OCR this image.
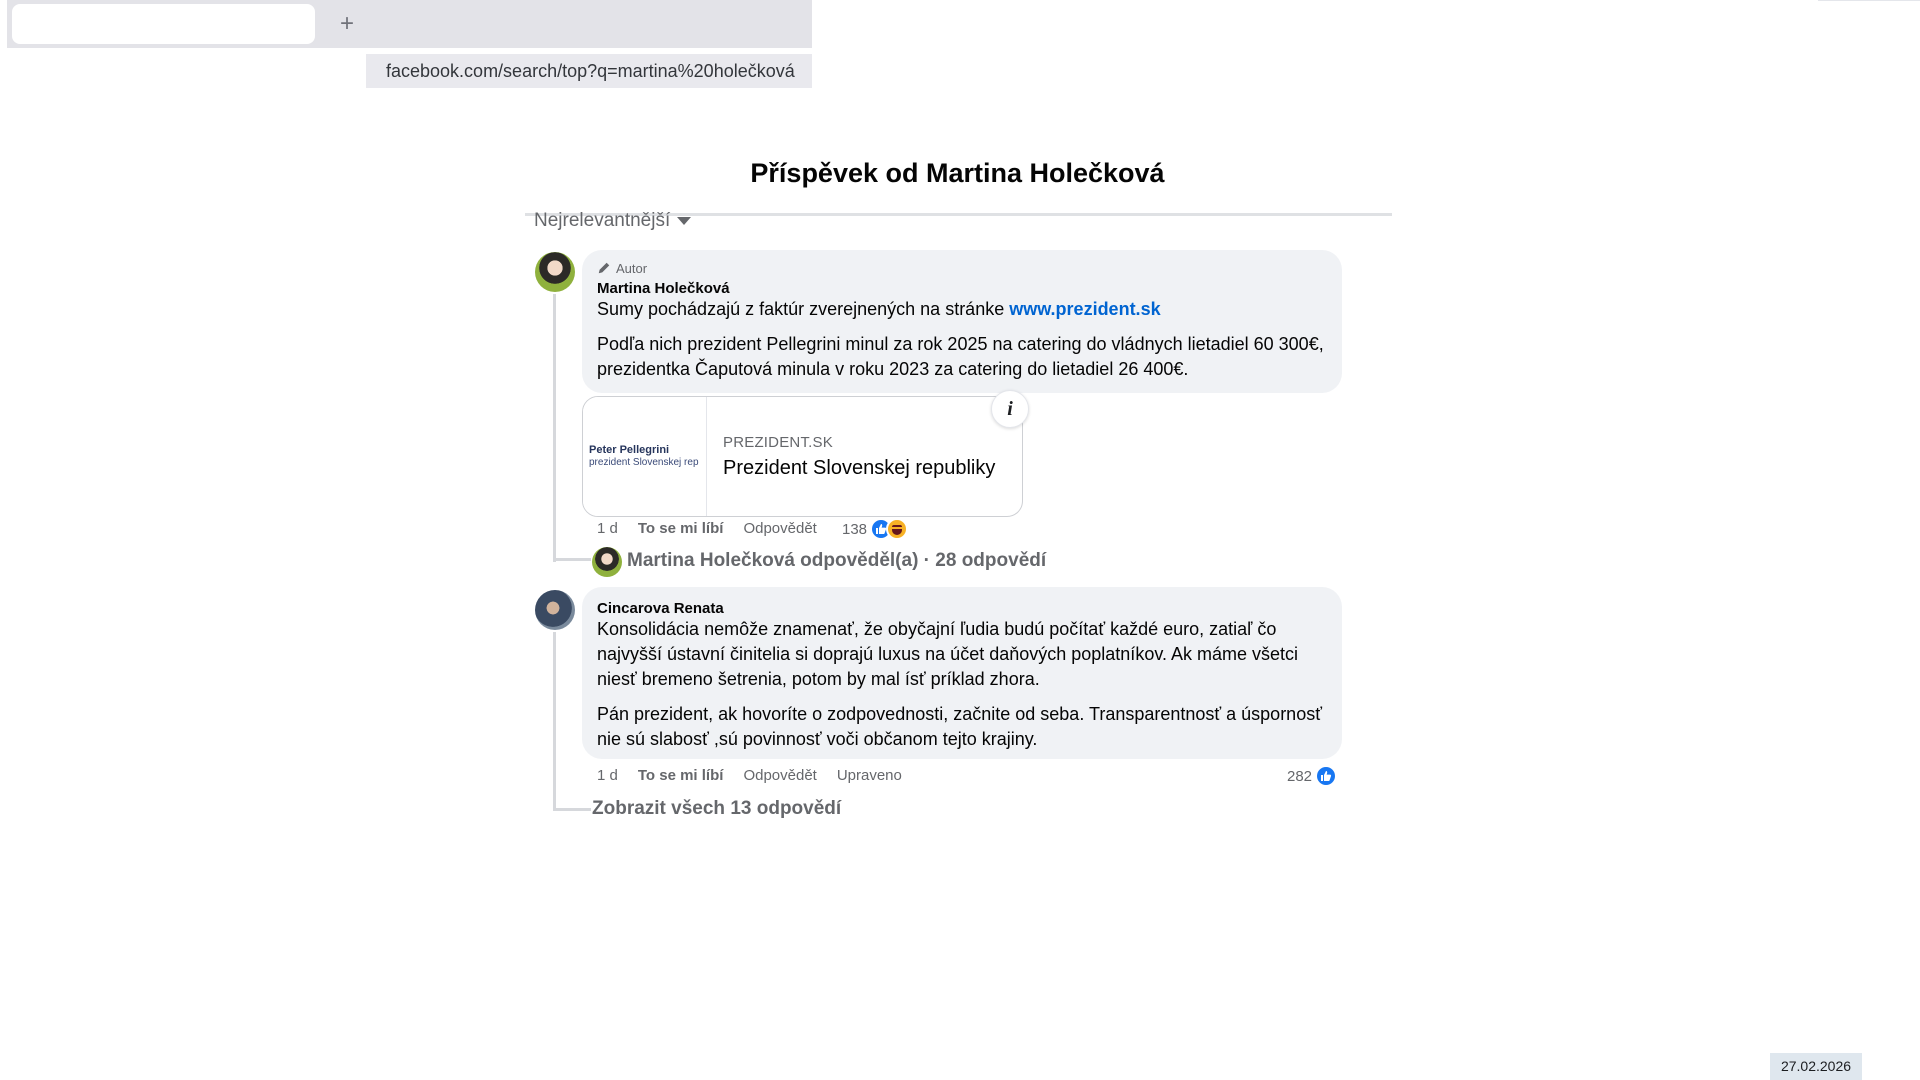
+
facebook.com/search/top?q=martina%20holečková
Příspěvek od Martina Holečková
Nejrelevantnější
Autor
Martina Holečková
Sumy pochádzajú z faktúr zverejnených na stránke www.prezident.sk
Podľa nich prezident Pellegrini minul za rok 2025 na catering do vládnych lietadiel 60 300€, prezidentka Čaputová minula v roku 2023 za catering do lietadiel 26 400€.
Peter Pellegrini
prezident Slovenskej rep
PREZIDENT.SK
Prezident Slovenskej republiky
i
1 d To se mi líbí Odpovědět 138
Martina Holečková odpověděl(a) · 28 odpovědí
Cincarova Renata
Konsolidácia nemôže znamenať, že obyčajní ľudia budú počítať každé euro, zatiaľ čo najvyšší ústavní činitelia si doprajú luxus na účet daňových poplatníkov. Ak máme všetci niesť bremeno šetrenia, potom by mal ísť príklad zhora.
Pán prezident, ak hovoríte o zodpovednosti, začnite od seba. Transparentnosť a úspornosť nie sú slabosť ,sú povinnosť voči občanom tejto krajiny.
1 d To se mi líbí Odpovědět Upraveno	282
Zobrazit všech 13 odpovědí
27.02.2026
